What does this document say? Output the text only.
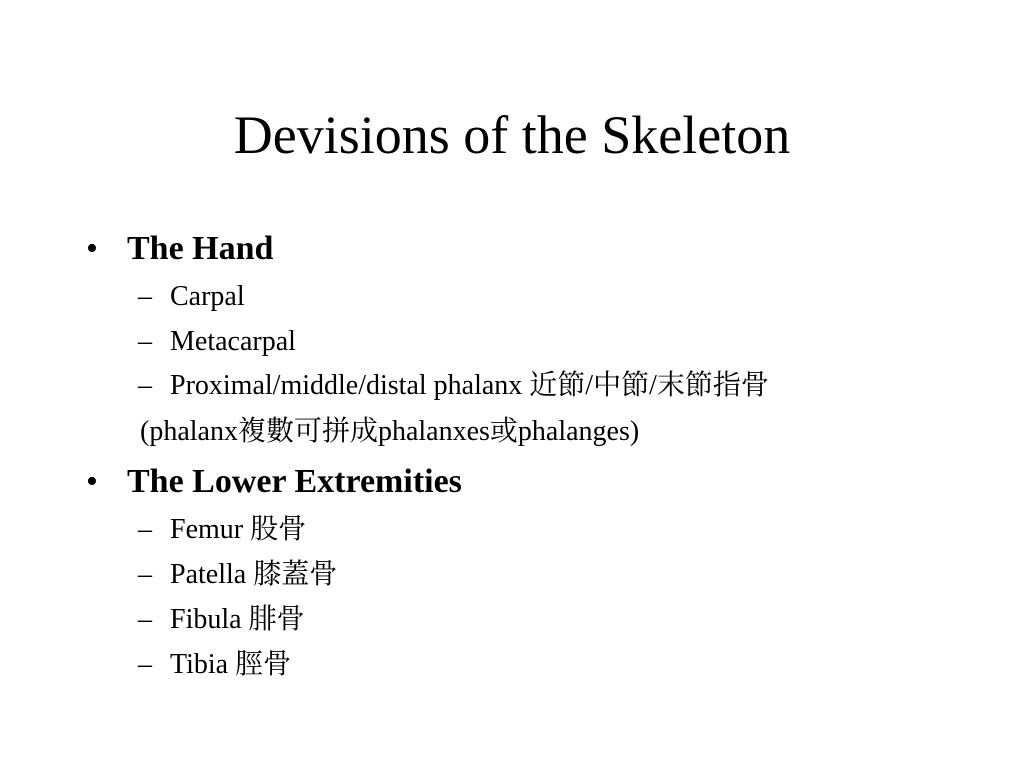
Devisions of the Skeleton
• The Hand
– Carpal
– Metacarpal
– Proximal/middle/distal phalanx 近節/中節/末節指骨
(phalanx複數可拼成phalanxes或phalanges)
• The Lower Extremities
– Femur 股骨
– Patella 膝蓋骨
– Fibula 腓骨
– Tibia 脛骨
